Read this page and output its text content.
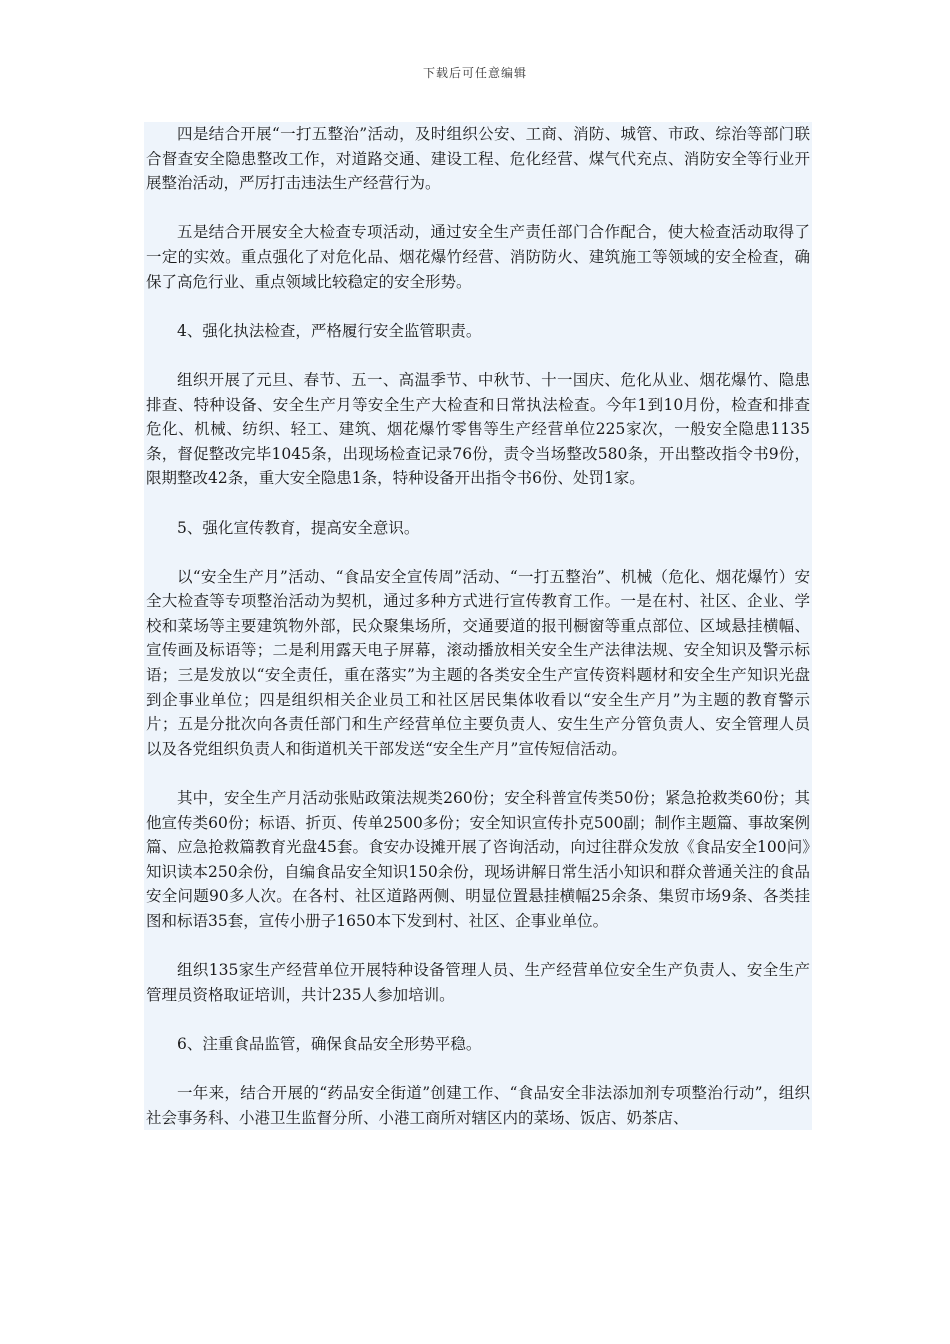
下载后可任意编辑

四是结合开展“一打五整治”活动，及时组织公安、工商、消防、城管、市政、综治等部门联合督查安全隐患整改工作，对道路交通、建设工程、危化经营、煤气代充点、消防安全等行业开展整治活动，严厉打击违法生产经营行为。

五是结合开展安全大检查专项活动，通过安全生产责任部门合作配合，使大检查活动取得了一定的实效。重点强化了对危化品、烟花爆竹经营、消防防火、建筑施工等领域的安全检查，确保了高危行业、重点领域比较稳定的安全形势。

4、强化执法检查，严格履行安全监管职责。

组织开展了元旦、春节、五一、高温季节、中秋节、十一国庆、危化从业、烟花爆竹、隐患排查、特种设备、安全生产月等安全生产大检查和日常执法检查。今年1到10月份，检查和排查危化、机械、纺织、轻工、建筑、烟花爆竹零售等生产经营单位225家次，一般安全隐患1135条，督促整改完毕1045条，出现场检查记录76份，责令当场整改580条，开出整改指令书9份，限期整改42条，重大安全隐患1条，特种设备开出指令书6份、处罚1家。

5、强化宣传教育，提高安全意识。

以“安全生产月”活动、“食品安全宣传周”活动、“一打五整治”、机械（危化、烟花爆竹）安全大检查等专项整治活动为契机，通过多种方式进行宣传教育工作。一是在村、社区、企业、学校和菜场等主要建筑物外部，民众聚集场所，交通要道的报刊橱窗等重点部位、区域悬挂横幅、宣传画及标语等；二是利用露天电子屏幕，滚动播放相关安全生产法律法规、安全知识及警示标语；三是发放以“安全责任，重在落实”为主题的各类安全生产宣传资料题材和安全生产知识光盘到企事业单位；四是组织相关企业员工和社区居民集体收看以“安全生产月”为主题的教育警示片；五是分批次向各责任部门和生产经营单位主要负责人、安生生产分管负责人、安全管理人员以及各党组织负责人和街道机关干部发送“安全生产月”宣传短信活动。

其中，安全生产月活动张贴政策法规类260份；安全科普宣传类50份；紧急抢救类60份；其他宣传类60份；标语、折页、传单2500多份；安全知识宣传扑克500副；制作主题篇、事故案例篇、应急抢救篇教育光盘45套。食安办设摊开展了咨询活动，向过往群众发放《食品安全100问》知识读本250余份，自编食品安全知识150余份，现场讲解日常生活小知识和群众普通关注的食品安全问题90多人次。在各村、社区道路两侧、明显位置悬挂横幅25余条、集贸市场9条、各类挂图和标语35套，宣传小册子1650本下发到村、社区、企事业单位。

组织135家生产经营单位开展特种设备管理人员、生产经营单位安全生产负责人、安全生产管理员资格取证培训，共计235人参加培训。

6、注重食品监管，确保食品安全形势平稳。

一年来，结合开展的“药品安全街道”创建工作、“食品安全非法添加剂专项整治行动”，组织社会事务科、小港卫生监督分所、小港工商所对辖区内的菜场、饭店、奶茶店、
